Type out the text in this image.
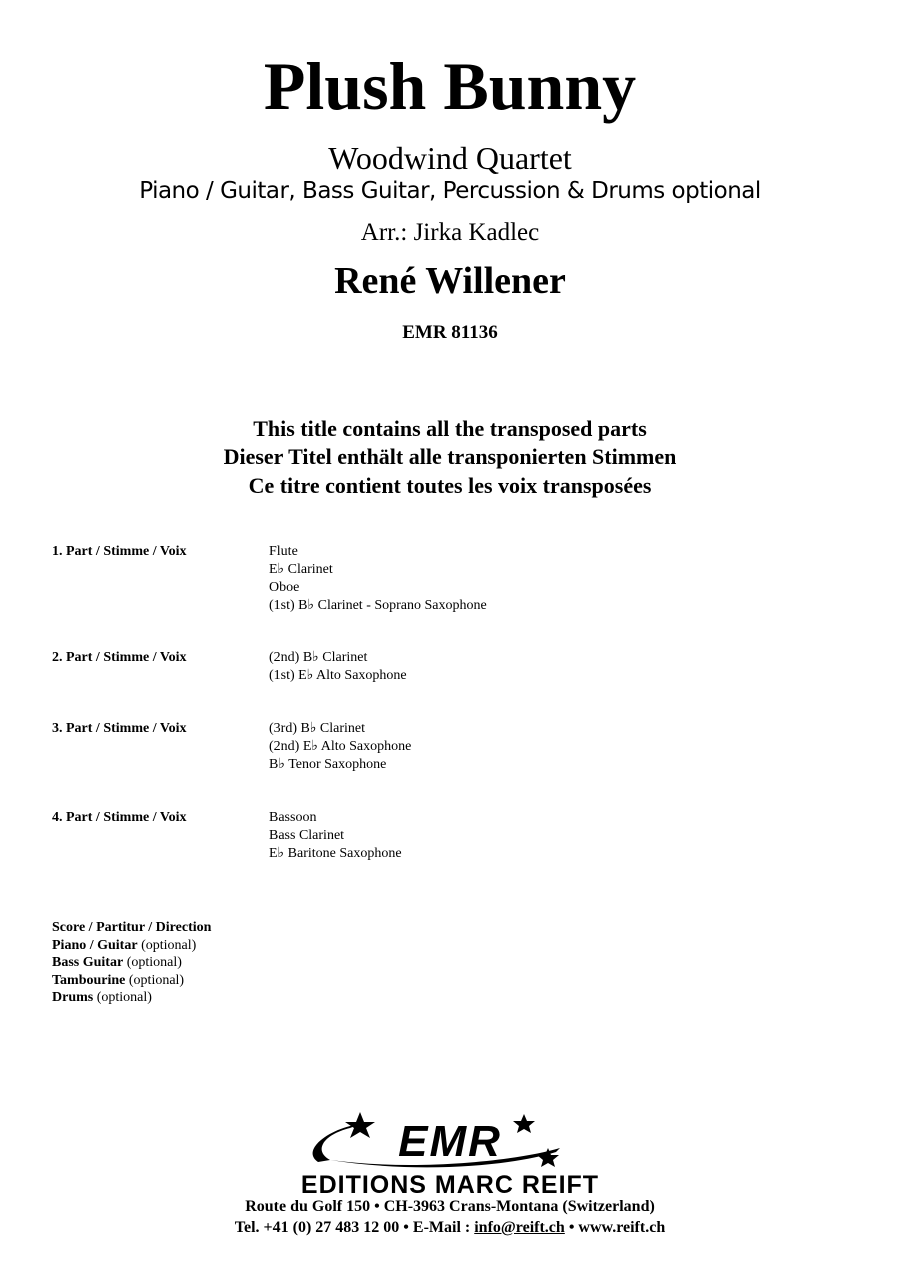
Plush Bunny
Woodwind Quartet
Piano / Guitar, Bass Guitar, Percussion & Drums optional
Arr.: Jirka Kadlec
René Willener
EMR 81136
This title contains all the transposed parts
Dieser Titel enthält alle transponierten Stimmen
Ce titre contient toutes les voix transposées
1. Part / Stimme / Voix	Flute
E♭ Clarinet
Oboe
(1st) B♭ Clarinet - Soprano Saxophone
2. Part / Stimme / Voix	(2nd) B♭ Clarinet
(1st) E♭ Alto Saxophone
3. Part / Stimme / Voix	(3rd) B♭ Clarinet
(2nd) E♭ Alto Saxophone
B♭ Tenor Saxophone
4. Part / Stimme / Voix	Bassoon
Bass Clarinet
E♭ Baritone Saxophone
Score / Partitur / Direction
Piano / Guitar (optional)
Bass Guitar (optional)
Tambourine (optional)
Drums (optional)
EMR
EDITIONS MARC REIFT
Route du Golf 150 • CH-3963 Crans-Montana (Switzerland)
Tel. +41 (0) 27 483 12 00 • E-Mail : info@reift.ch • www.reift.ch
